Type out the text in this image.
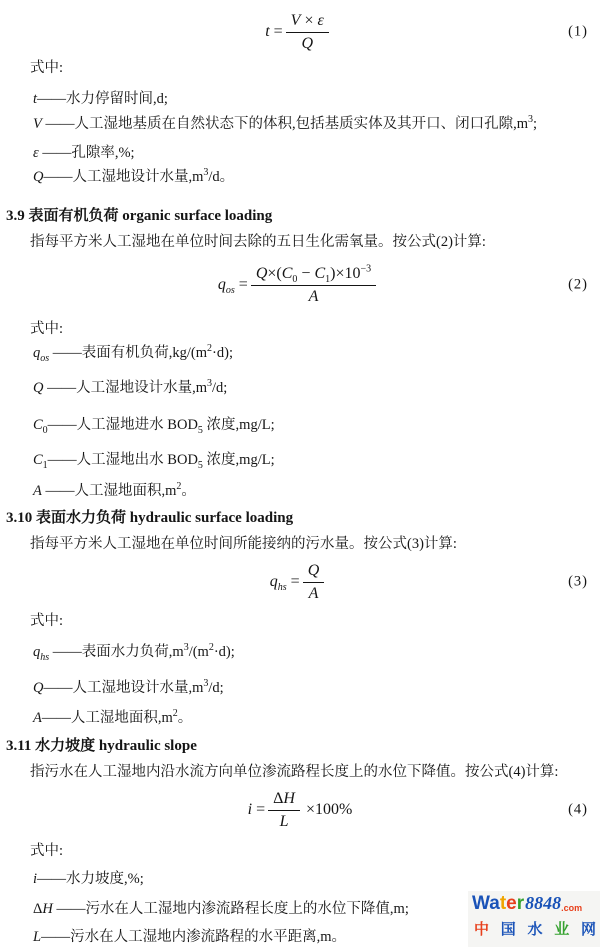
$t = \frac{V \times \varepsilon}{Q}$	(1)
式中:
t——水力停留时间,d;
V ——人工湿地基质在自然状态下的体积,包括基质实体及其开口、闭口孔隙$,m^3$;
ε ——孔隙率,%;
Q——人工湿地设计水量$,m^3/d$。
3.9 表面有机负荷 organic surface loading
指每平方米人工湿地在单位时间去除的五日生化需氧量。按公式(2)计算:
$q_{os} = \frac{Q\times(C_0 - C_1)\times 10^{-3}}{A}$	(2)
式中:
$q_{os}$ ——表面有机负荷$,kg/(m^2\cdot d)$;
Q ——人工湿地设计水量$,m^3/d$;
$C_0——$人工湿地进水 $BOD_5$ 浓度,mg/L;
$C_1——$人工湿地出水 $BOD_5$ 浓度,mg/L;
A ——人工湿地面积$,m^2$。
3.10 表面水力负荷 hydraulic surface loading
指每平方米人工湿地在单位时间所能接纳的污水量。按公式(3)计算:
$q_{hs} = \frac{Q}{A}$	(3)
式中:
$q_{hs}$ ——表面水力负荷$,m^3/(m^2\cdot d)$;
Q——人工湿地设计水量$,m^3/d$;
A——人工湿地面积$,m^2$。
3.11 水力坡度 hydraulic slope
指污水在人工湿地内沿水流方向单位渗流路程长度上的水位下降值。按公式(4)计算:
$i = \frac{\Delta H}{L} \times 100\%$	(4)
式中:
i——水力坡度,%;
ΔH ——污水在人工湿地内渗流路程长度上的水位下降值,m;
L——污水在人工湿地内渗流路程的水平距离,m。
Water 8848 .com
中 国 水 业 网
